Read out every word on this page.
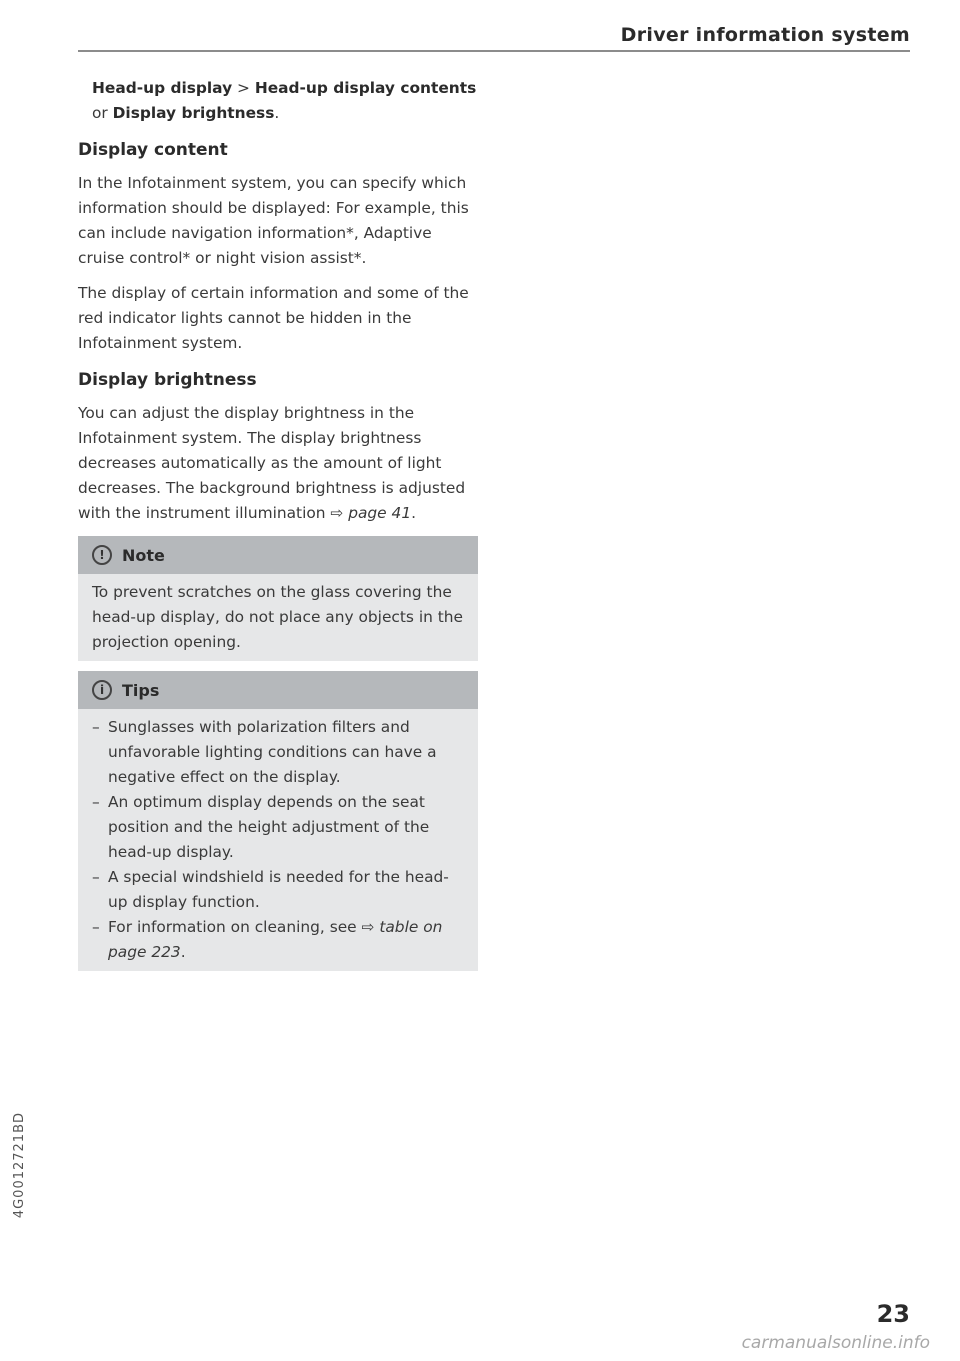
Driver information system

Head-up display > Head-up display contents or Display brightness.

Display content

In the Infotainment system, you can specify which information should be displayed: For example, this can include navigation information*, Adaptive cruise control* or night vision assist*.

The display of certain information and some of the red indicator lights cannot be hidden in the Infotainment system.

Display brightness

You can adjust the display brightness in the Infotainment system. The display brightness decreases automatically as the amount of light decreases. The background brightness is adjusted with the instrument illumination ⇨ page 41.

!	Note

To prevent scratches on the glass covering the head-up display, do not place any objects in the projection opening.

i	Tips
– Sunglasses with polarization filters and unfavorable lighting conditions can have a negative effect on the display.
– An optimum display depends on the seat position and the height adjustment of the head-up display.
– A special windshield is needed for the head-up display function.
– For information on cleaning, see ⇨ table on page 223.
4G0012721BD
23
carmanualsonline.info
